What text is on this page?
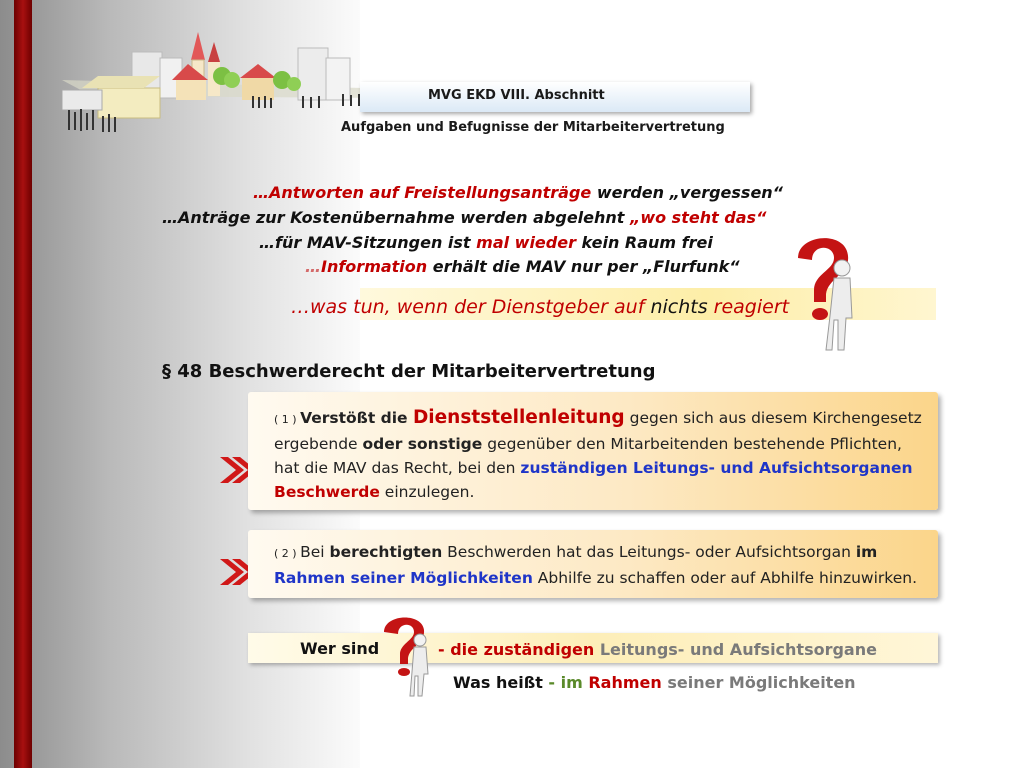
MVG EKD VIII. Abschnitt
Aufgaben und Befugnisse der Mitarbeitervertretung
…Antworten auf Freistellungsanträge werden „vergessen“
…Anträge zur Kostenübernahme werden abgelehnt „wo steht das“
…für MAV-Sitzungen ist mal wieder kein Raum frei
…Information erhält die MAV nur per „Flurfunk“
…was tun, wenn der Dienstgeber auf nichts reagiert
§ 48 Beschwerderecht der Mitarbeitervertretung
( 1 ) Verstößt die Dienststellenleitung gegen sich aus diesem Kirchengesetz ergebende oder sonstige gegenüber den Mitarbeitenden bestehende Pflichten, hat die MAV das Recht, bei den zuständigen Leitungs- und Aufsichtsorganen
Beschwerde einzulegen.
( 2 ) Bei berechtigten Beschwerden hat das Leitungs- oder Aufsichtsorgan im
Rahmen seiner Möglichkeiten Abhilfe zu schaffen oder auf Abhilfe hinzuwirken.
Wer sind	- die zuständigen Leitungs- und Aufsichtsorgane
Was heißt - im Rahmen seiner Möglichkeiten
